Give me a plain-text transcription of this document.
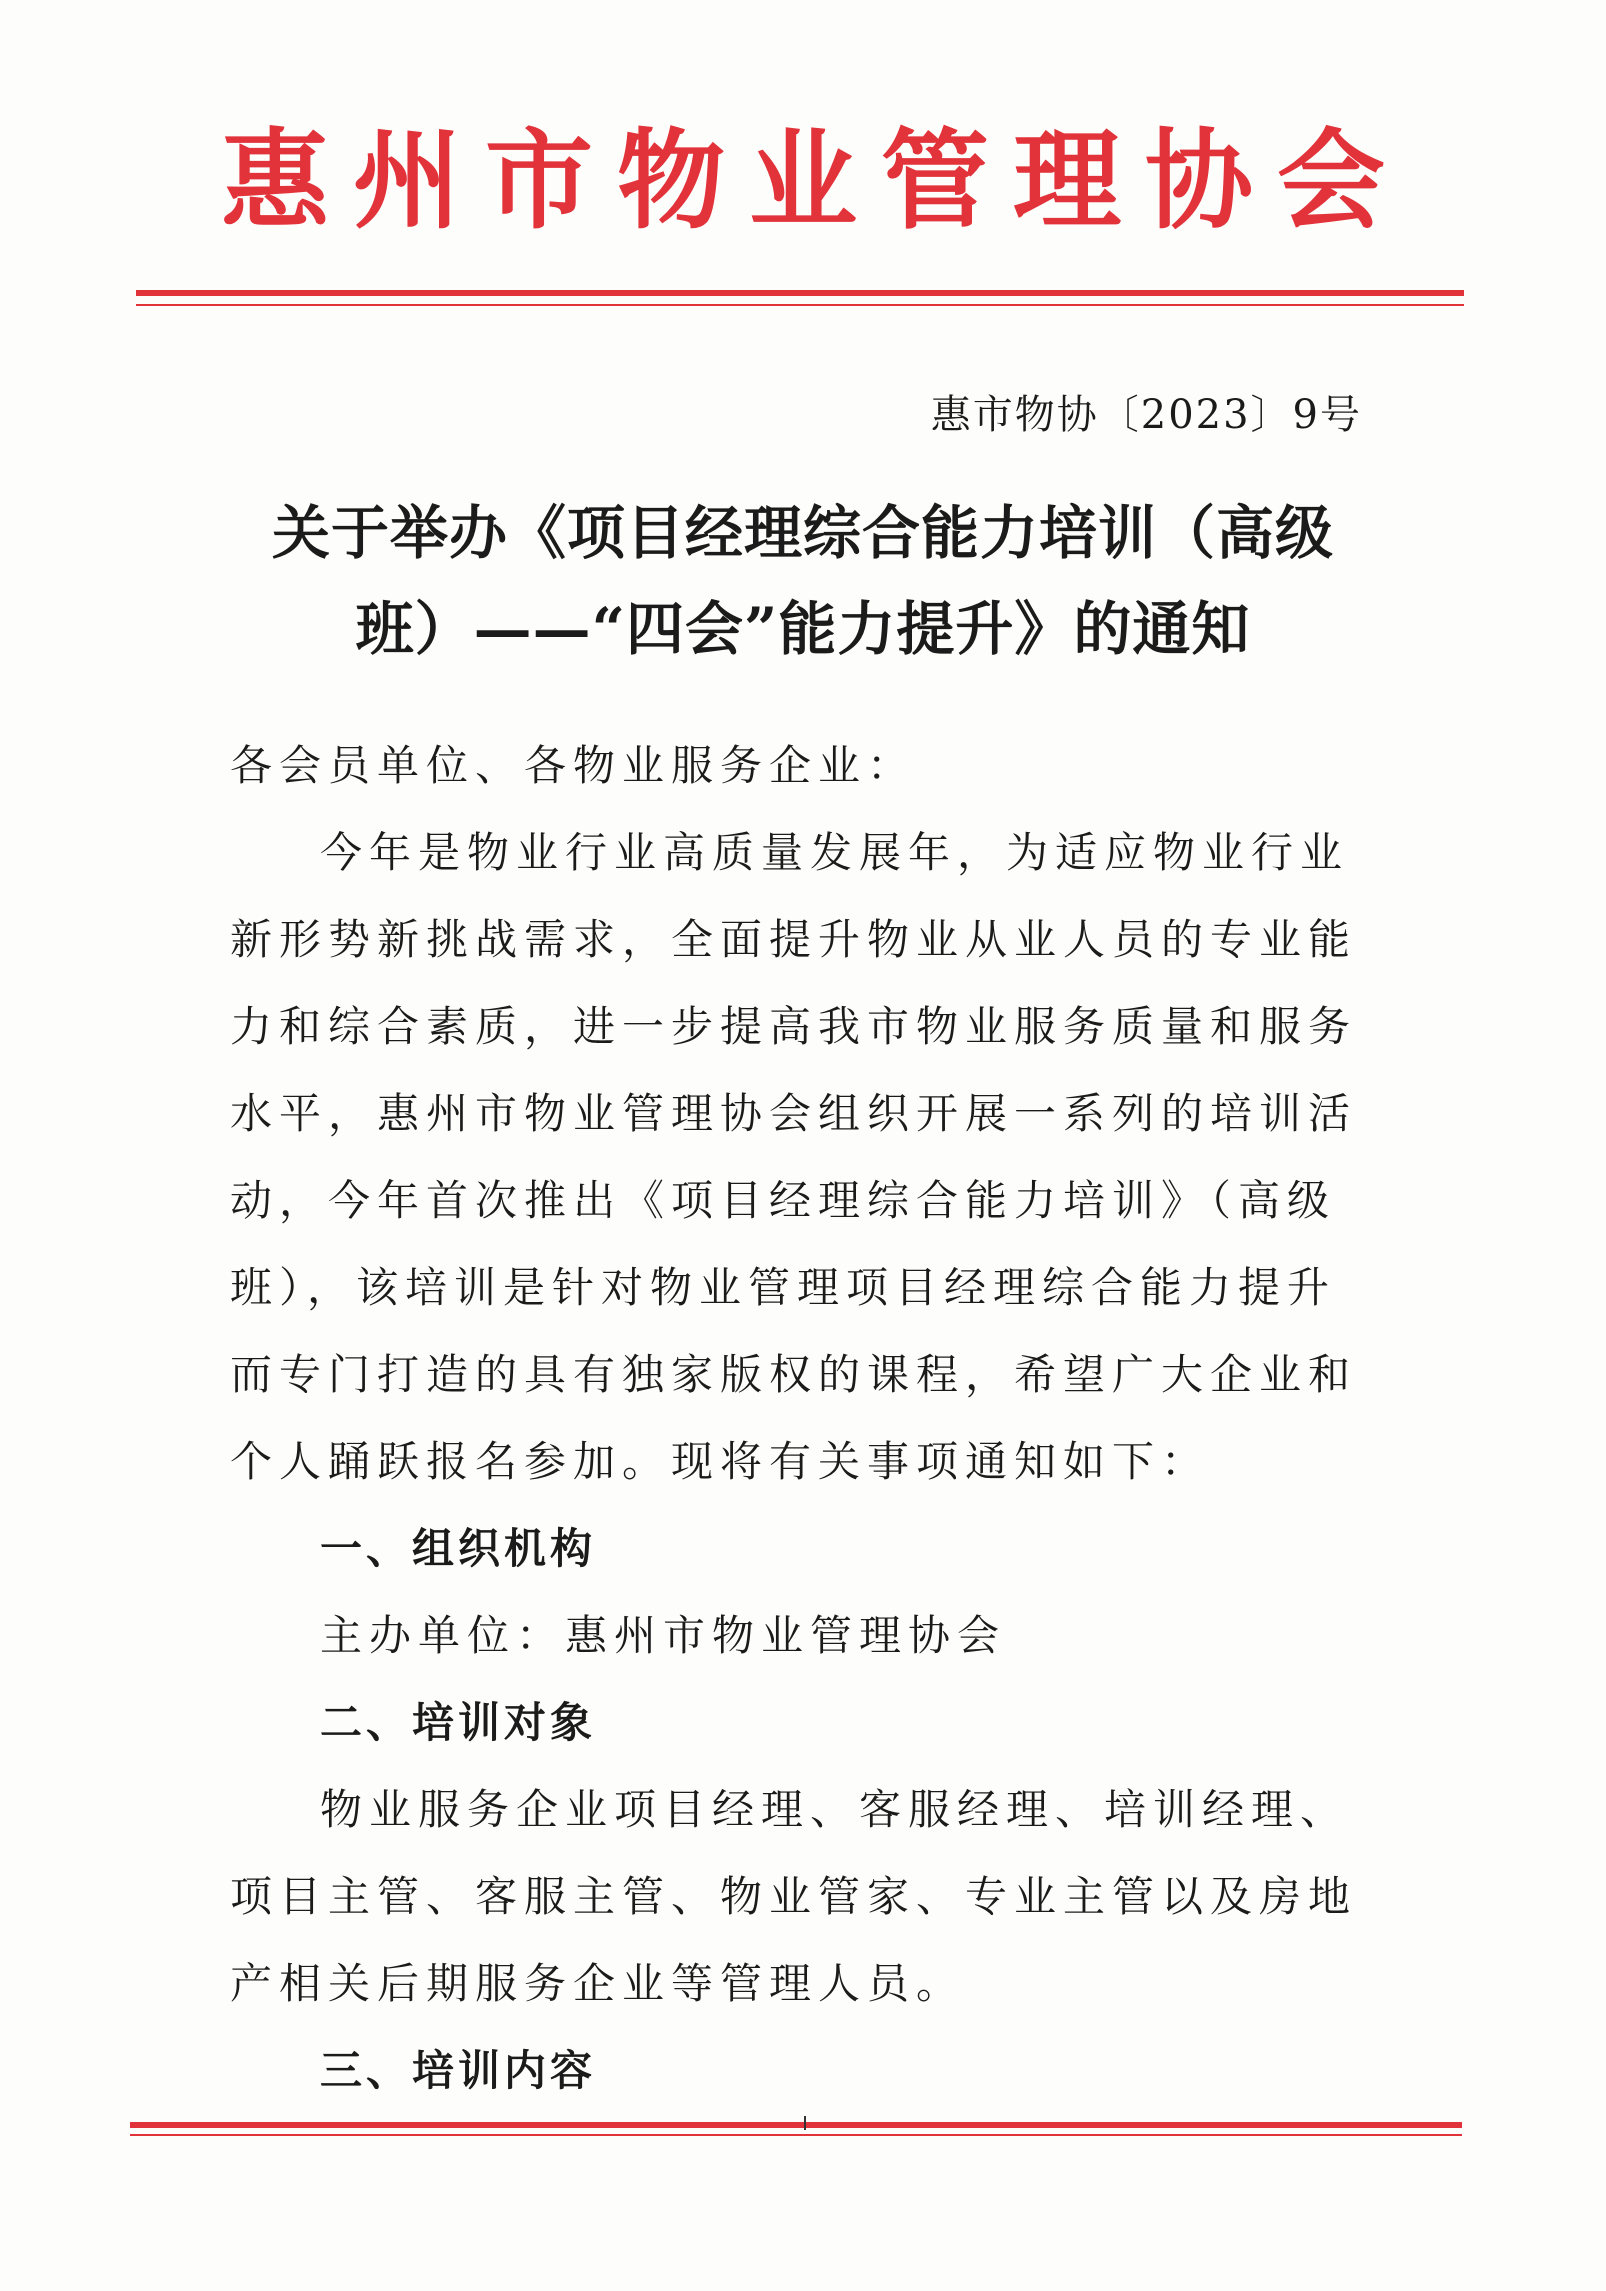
惠州市物业管理协会
惠市物协〔2023〕9号
关于举办《项目经理综合能力培训（高级
班）——“四会”能力提升》的通知

各会员单位、各物业服务企业：

今年是物业行业高质量发展年，为适应物业行业新形势新挑战需求，全面提升物业从业人员的专业能力和综合素质，进一步提高我市物业服务质量和服务水平，惠州市物业管理协会组织开展一系列的培训活动，今年首次推出《项目经理综合能力培训》（高级班），该培训是针对物业管理项目经理综合能力提升而专门打造的具有独家版权的课程，希望广大企业和个人踊跃报名参加。现将有关事项通知如下：

一、组织机构

主办单位：惠州市物业管理协会

二、培训对象

物业服务企业项目经理、客服经理、培训经理、项目主管、客服主管、物业管家、专业主管以及房地产相关后期服务企业等管理人员。

三、培训内容
